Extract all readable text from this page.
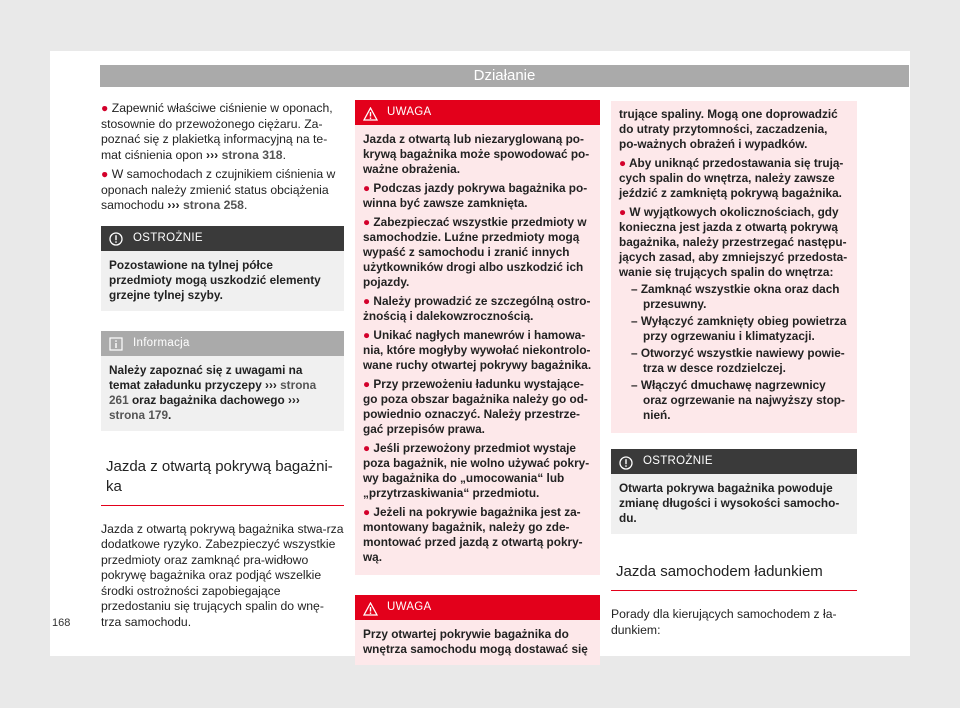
Działanie
● Zapewnić właściwe ciśnienie w oponach, stosownie do przewożonego ciężaru. Za-poznać się z plakietką informacyjną na te-mat ciśnienia opon ››› strona 318.
● W samochodach z czujnikiem ciśnienia w oponach należy zmienić status obciążenia samochodu ››› strona 258.
OSTROŻNIE
Pozostawione na tylnej półce przedmioty mogą uszkodzić elementy grzejne tylnej szyby.
Informacja
Należy zapoznać się z uwagami na temat załadunku przyczepy ››› strona 261 oraz bagażnika dachowego ››› strona 179.
Jazda z otwartą pokrywą bagażni-ka
Jazda z otwartą pokrywą bagażnika stwa-rza dodatkowe ryzyko. Zabezpieczyć wszystkie przedmioty oraz zamknąć pra-widłowo pokrywę bagażnika oraz podjąć wszelkie środki ostrożności zapobiegające przedostaniu się trujących spalin do wnę-trza samochodu.
UWAGA

Jazda z otwartą lub niezaryglowaną po-krywą bagażnika może spowodować po-ważne obrażenia.

● Podczas jazdy pokrywa bagażnika po-winna być zawsze zamknięta.

● Zabezpieczać wszystkie przedmioty w samochodzie. Luźne przedmioty mogą wypaść z samochodu i zranić innych użytkowników drogi albo uszkodzić ich pojazdy.

● Należy prowadzić ze szczególną ostro-żnością i dalekowzrocznością.

● Unikać nagłych manewrów i hamowa-nia, które mogłyby wywołać niekontrolo-wane ruchy otwartej pokrywy bagażnika.

● Przy przewożeniu ładunku wystające-go poza obszar bagażnika należy go od-powiednio oznaczyć. Należy przestrze-gać przepisów prawa.

● Jeśli przewożony przedmiot wystaje poza bagażnik, nie wolno używać pokry-wy bagażnika do „umocowania“ lub „przytrzaskiwania“ przedmiotu.

● Jeżeli na pokrywie bagażnika jest za-montowany bagażnik, należy go zde-montować przed jazdą z otwartą pokry-wą.

UWAGA
Przy otwartej pokrywie bagażnika do wnętrza samochodu mogą dostawać się

trujące spaliny. Mogą one doprowadzić do utraty przytomności, zaczadzenia, po-ważnych obrażeń i wypadków.

● Aby uniknąć przedostawania się trują-cych spalin do wnętrza, należy zawsze jeździć z zamkniętą pokrywą bagażnika.

● W wyjątkowych okolicznościach, gdy konieczna jest jazda z otwartą pokrywą bagażnika, należy przestrzegać następu-jących zasad, aby zmniejszyć przedosta-wanie się trujących spalin do wnętrza:

– Zamknąć wszystkie okna oraz dach przesuwny.
– Wyłączyć zamknięty obieg powietrza przy ogrzewaniu i klimatyzacji.
– Otworzyć wszystkie nawiewy powie-trza w desce rozdzielczej.
– Włączyć dmuchawę nagrzewnicy oraz ogrzewanie na najwyższy stop-nień.
OSTROŻNIE
Otwarta pokrywa bagażnika powoduje zmianę długości i wysokości samocho-du.
Jazda samochodem ładunkiem
Porady dla kierujących samochodem z ła-dunkiem:
168
